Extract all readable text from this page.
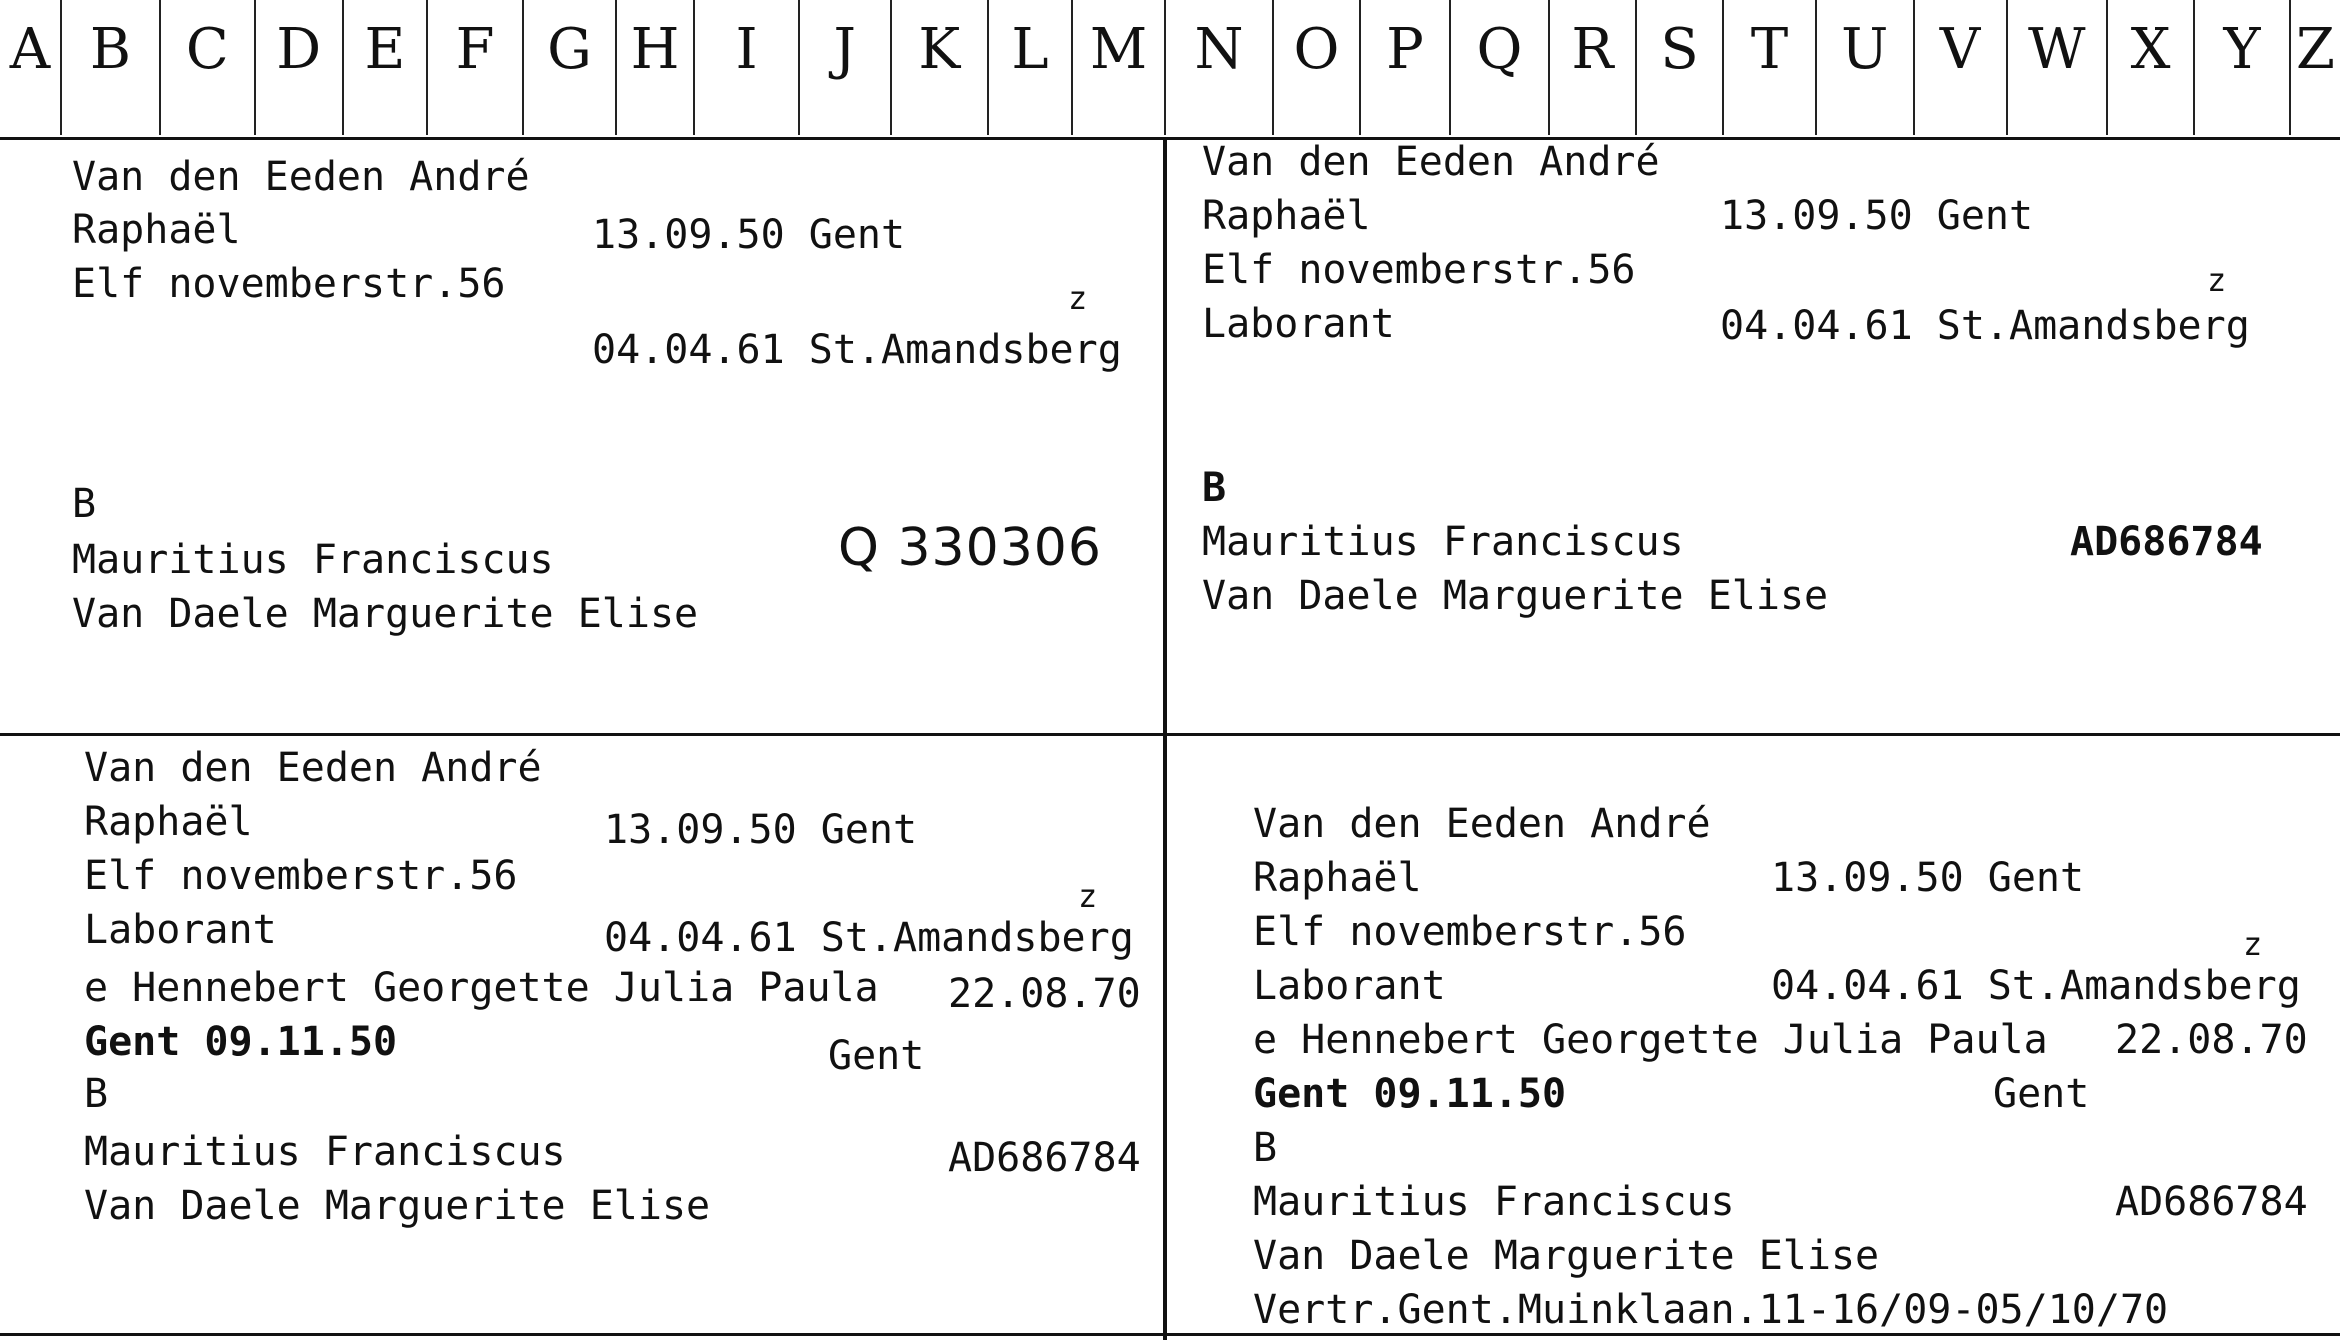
A B C D E F G H	I	J	K L M N O P Q R S T U V W X Y Z
Van den Eeden André
Raphaël	13.09.50 Gent
Elf novemberstr.56	z
04.04.61 St.Amandsberg
B
Mauritius Franciscus	Q 330306
Van Daele Marguerite Elise
Van den Eeden André
Raphaël	13.09.50 Gent
Elf novemberstr.56	z
Laborant	04.04.61 St.Amandsberg
B
Mauritius Franciscus	AD686784
Van Daele Marguerite Elise
Van den Eeden André
Raphaël	13.09.50 Gent
Elf novemberstr.56	z
Laborant	04.04.61 St.Amandsberg
e Hennebert Georgette Julia Paula 22.08.70
Gent 09.11.50	Gent
B
Mauritius Franciscus	AD686784
Van Daele Marguerite Elise
Van den Eeden André
Raphaël	13.09.50 Gent
Elf novemberstr.56	z
Laborant	04.04.61 St.Amandsberg
e Hennebert Georgette Julia Paula 22.08.70
Gent 09.11.50	Gent
B
Mauritius Franciscus	AD686784
Van Daele Marguerite Elise
Vertr.Gent.Muinklaan.11-16/09-05/10/70
